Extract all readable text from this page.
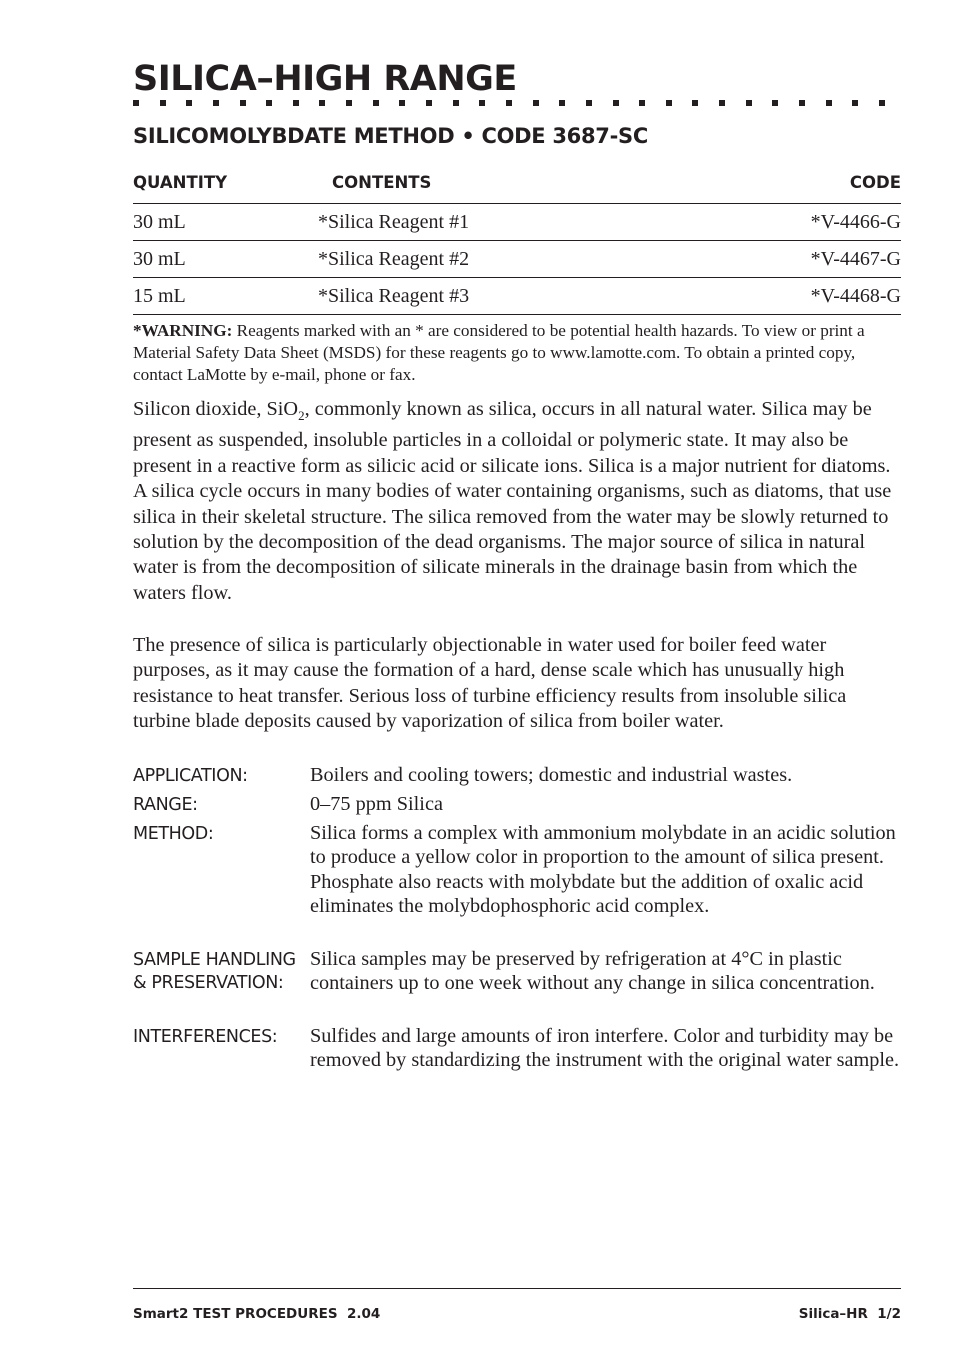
SILICA–HIGH RANGE
SILICOMOLYBDATE METHOD • CODE 3687-SC
QUANTITY	CONTENTS	CODE
30 mL	*Silica Reagent #1	*V-4466-G
30 mL	*Silica Reagent #2	*V-4467-G
15 mL	*Silica Reagent #3	*V-4468-G
*WARNING: Reagents marked with an * are considered to be potential health hazards. To view or print a Material Safety Data Sheet (MSDS) for these reagents go to www.lamotte.com. To obtain a printed copy, contact LaMotte by e-mail, phone or fax.
Silicon dioxide, SiO$_2$, commonly known as silica, occurs in all natural water. Silica may be present as suspended, insoluble particles in a colloidal or polymeric state. It may also be present in a reactive form as silicic acid or silicate ions. Silica is a major nutrient for diatoms. A silica cycle occurs in many bodies of water containing organisms, such as diatoms, that use silica in their skeletal structure. The silica removed from the water may be slowly returned to solution by the decomposition of the dead organisms. The major source of silica in natural water is from the decomposition of silicate minerals in the drainage basin from which the waters flow.
The presence of silica is particularly objectionable in water used for boiler feed water purposes, as it may cause the formation of a hard, dense scale which has unusually high resistance to heat transfer. Serious loss of turbine efficiency results from insoluble silica turbine blade deposits caused by vaporization of silica from boiler water.
APPLICATION:	Boilers and cooling towers; domestic and industrial wastes.
RANGE:	0–75 ppm Silica
METHOD:	Silica forms a complex with ammonium molybdate in an acidic solution to produce a yellow color in proportion to the amount of silica present. Phosphate also reacts with molybdate but the addition of oxalic acid eliminates the molybdophosphoric acid complex.
SAMPLE HANDLING & PRESERVATION:
Silica samples may be preserved by refrigeration at 4°C in plastic containers up to one week without any change in silica concentration.
INTERFERENCES:	Sulfides and large amounts of iron interfere. Color and turbidity may be removed by standardizing the instrument with the original water sample.
Smart2 TEST PROCEDURES  2.04	Silica–HR  1/2
